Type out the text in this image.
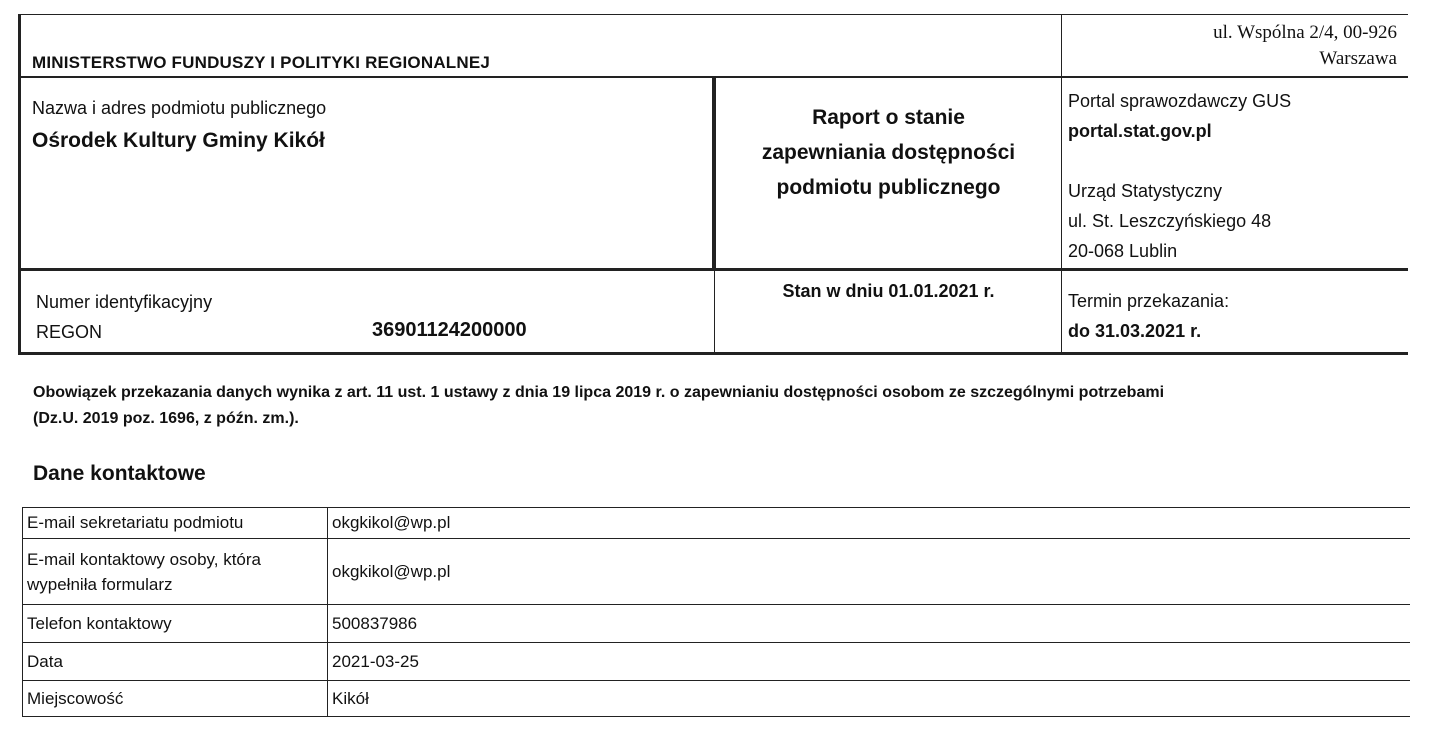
MINISTERSTWO FUNDUSZY I POLITYKI REGIONALNEJ
ul. Wspólna 2/4, 00-926
Warszawa
Nazwa i adres podmiotu publicznego
Ośrodek Kultury Gminy Kikół
Raport o stanie
zapewniania dostępności
podmiotu publicznego
Portal sprawozdawczy GUS
portal.stat.gov.pl
Urząd Statystyczny
ul. St. Leszczyńskiego 48
20-068 Lublin
Numer identyfikacyjny
REGON	36901124200000
Stan w dniu 01.01.2021 r.	Termin przekazania:
do 31.03.2021 r.
Obowiązek przekazania danych wynika z art. 11 ust. 1 ustawy z dnia 19 lipca 2019 r. o zapewnianiu dostępności osobom ze szczególnymi potrzebami
(Dz.U. 2019 poz. 1696, z późn. zm.).
Dane kontaktowe
E-mail sekretariatu podmiotu	okgkikol@wp.pl

E-mail kontaktowy osoby, która
wypełniła formularz	okgkikol@wp.pl
Telefon kontaktowy	500837986
Data	2021-03-25
Miejscowość	Kikół
